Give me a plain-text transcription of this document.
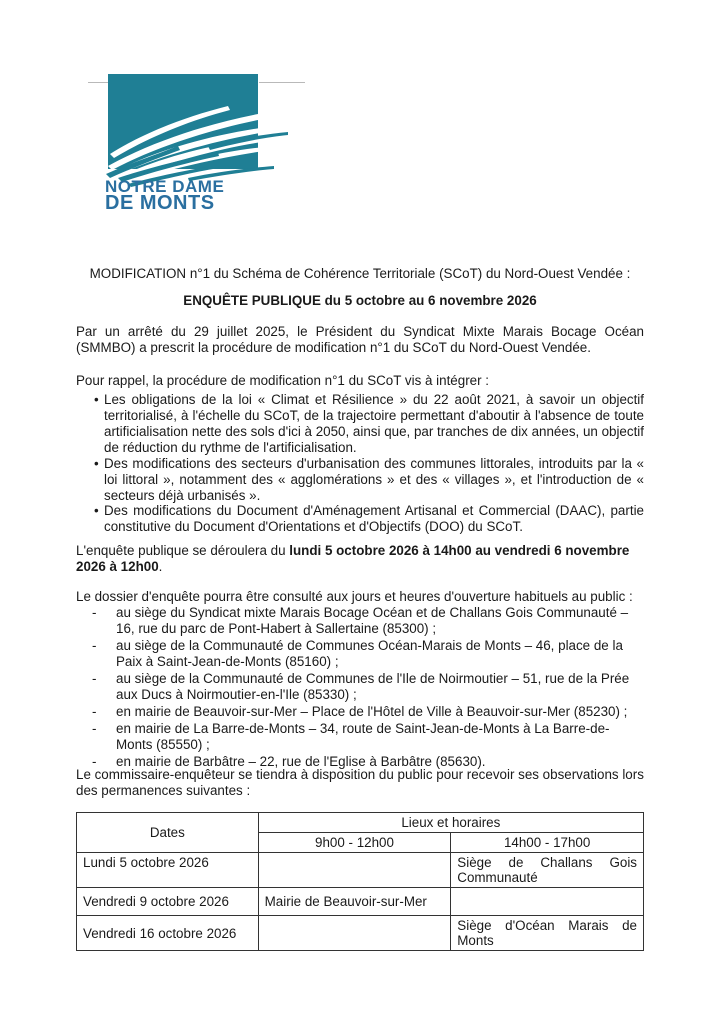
NOTRE DAME
DE MONTS
MODIFICATION n°1 du Schéma de Cohérence Territoriale (SCoT) du Nord-Ouest Vendée :
ENQUÊTE PUBLIQUE du 5 octobre au 6 novembre 2026
Par un arrêté du 29 juillet 2025, le Président du Syndicat Mixte Marais Bocage Océan (SMMBO) a prescrit la procédure de modification n°1 du SCoT du Nord-Ouest Vendée.
Pour rappel, la procédure de modification n°1 du SCoT vis à intégrer :
• Les obligations de la loi « Climat et Résilience » du 22 août 2021, à savoir un objectif territorialisé, à l'échelle du SCoT, de la trajectoire permettant d'aboutir à l'absence de toute artificialisation nette des sols d'ici à 2050, ainsi que, par tranches de dix années, un objectif de réduction du rythme de l'artificialisation.
• Des modifications des secteurs d'urbanisation des communes littorales, introduits par la « loi littoral », notamment des « agglomérations » et des « villages », et l'introduction de « secteurs déjà urbanisés ».
• Des modifications du Document d'Aménagement Artisanal et Commercial (DAAC), partie constitutive du Document d'Orientations et d'Objectifs (DOO) du SCoT.
L'enquête publique se déroulera du lundi 5 octobre 2026 à 14h00 au vendredi 6 novembre 2026 à 12h00.
Le dossier d'enquête pourra être consulté aux jours et heures d'ouverture habituels au public :
- au siège du Syndicat mixte Marais Bocage Océan et de Challans Gois Communauté – 16, rue du parc de Pont-Habert à Sallertaine (85300) ;
- au siège de la Communauté de Communes Océan-Marais de Monts – 46, place de la Paix à Saint-Jean-de-Monts (85160) ;
- au siège de la Communauté de Communes de l'Ile de Noirmoutier – 51, rue de la Prée aux Ducs à Noirmoutier-en-l'Ile (85330) ;
- en mairie de Beauvoir-sur-Mer – Place de l'Hôtel de Ville à Beauvoir-sur-Mer (85230) ;
- en mairie de La Barre-de-Monts – 34, route de Saint-Jean-de-Monts à La Barre-de-Monts (85550) ;
- en mairie de Barbâtre – 22, rue de l'Eglise à Barbâtre (85630).
Le commissaire-enquêteur se tiendra à disposition du public pour recevoir ses observations lors des permanences suivantes :
Dates	Lieux et horaires	
	9h00 - 12h00	14h00 - 17h00
Lundi 5 octobre 2026		Siège de Challans Gois Communauté
Vendredi 9 octobre 2026	Mairie de Beauvoir-sur-Mer	
Vendredi 16 octobre 2026		Siège d'Océan Marais de Monts
